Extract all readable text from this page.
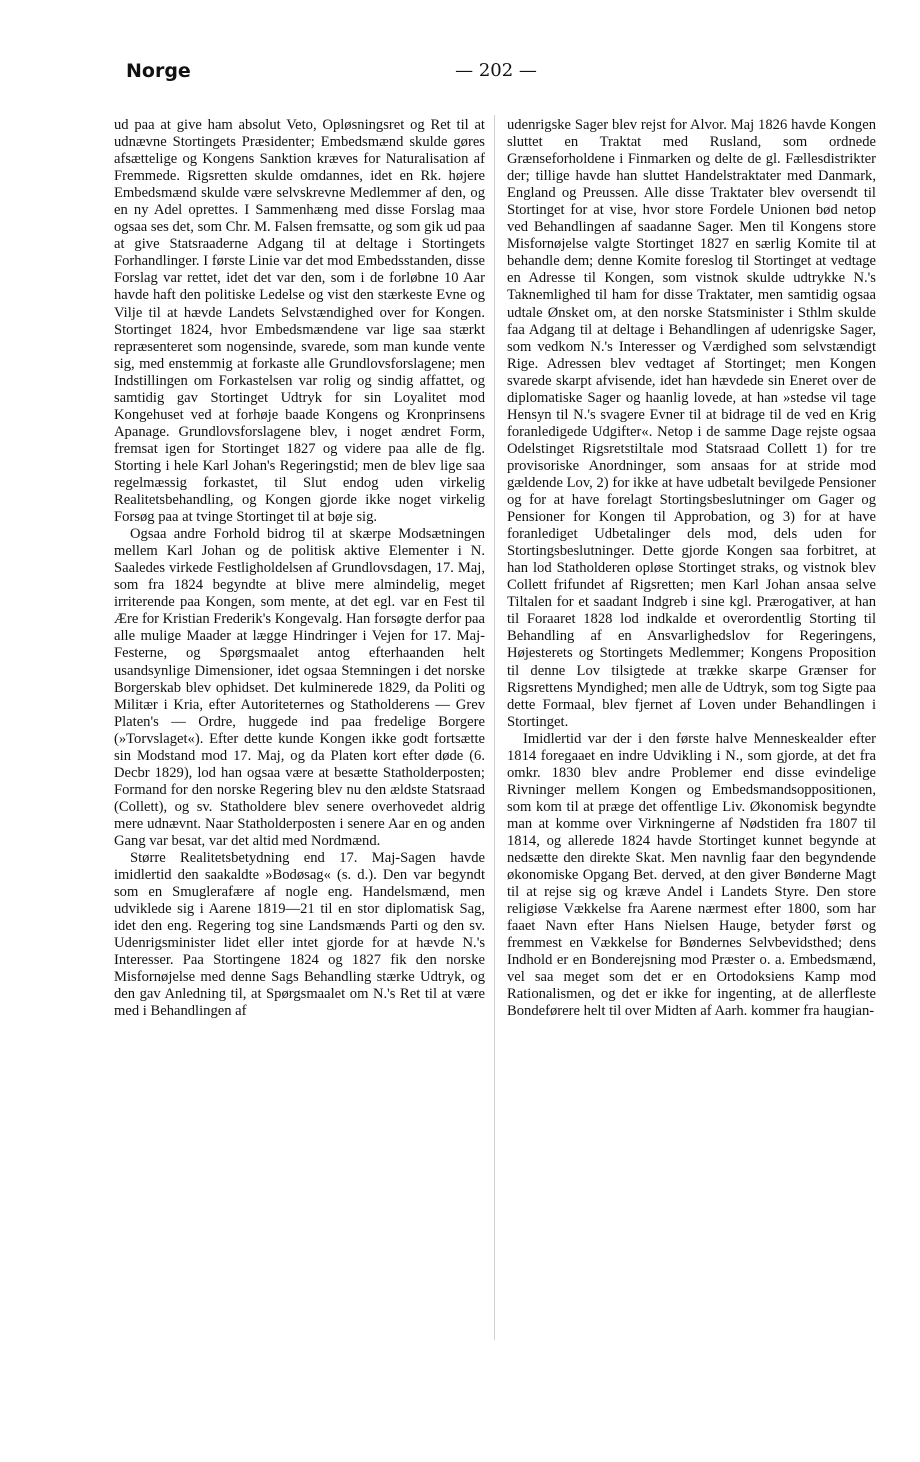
Norge	— 202 —

ud paa at give ham absolut Veto, Opløsningsret og Ret til at udnævne Stortingets Præsidenter; Embedsmænd skulde gøres afsættelige og Kongens Sanktion kræves for Naturalisation af Fremmede. Rigsretten skulde omdannes, idet en Rk. højere Embedsmænd skulde være selvskrevne Medlemmer af den, og en ny Adel oprettes. I Sammenhæng med disse Forslag maa ogsaa ses det, som Chr. M. Falsen fremsatte, og som gik ud paa at give Statsraaderne Adgang til at deltage i Stortingets Forhandlinger. I første Linie var det mod Embedsstanden, disse Forslag var rettet, idet det var den, som i de forløbne 10 Aar havde haft den politiske Ledelse og vist den stærkeste Evne og Vilje til at hævde Landets Selvstændighed over for Kongen. Stortinget 1824, hvor Embedsmændene var lige saa stærkt repræsenteret som nogensinde, svarede, som man kunde vente sig, med enstemmig at forkaste alle Grundlovsforslagene; men Indstillingen om Forkastelsen var rolig og sindig affattet, og samtidig gav Stortinget Udtryk for sin Loyalitet mod Kongehuset ved at forhøje baade Kongens og Kronprinsens Apanage. Grundlovsforslagene blev, i noget ændret Form, fremsat igen for Stortinget 1827 og videre paa alle de flg. Storting i hele Karl Johan's Regeringstid; men de blev lige saa regelmæssig forkastet, til Slut endog uden virkelig Realitetsbehandling, og Kongen gjorde ikke noget virkelig Forsøg paa at tvinge Stortinget til at bøje sig.

Ogsaa andre Forhold bidrog til at skærpe Modsætningen mellem Karl Johan og de politisk aktive Elementer i N. Saaledes virkede Festligholdelsen af Grundlovsdagen, 17. Maj, som fra 1824 begyndte at blive mere almindelig, meget irriterende paa Kongen, som mente, at det egl. var en Fest til Ære for Kristian Frederik's Kongevalg. Han forsøgte derfor paa alle mulige Maader at lægge Hindringer i Vejen for 17. Maj-Festerne, og Spørgsmaalet antog efterhaanden helt usandsynlige Dimensioner, idet ogsaa Stemningen i det norske Borgerskab blev ophidset. Det kulminerede 1829, da Politi og Militær i Kria, efter Autoriteternes og Statholderens — Grev Platen's — Ordre, huggede ind paa fredelige Borgere (»Torvslaget«). Efter dette kunde Kongen ikke godt fortsætte sin Modstand mod 17. Maj, og da Platen kort efter døde (6. Decbr 1829), lod han ogsaa være at besætte Statholderposten; Formand for den norske Regering blev nu den ældste Statsraad (Collett), og sv. Statholdere blev senere overhovedet aldrig mere udnævnt. Naar Statholderposten i senere Aar en og anden Gang var besat, var det altid med Nordmænd.

Større Realitetsbetydning end 17. Maj-Sagen havde imidlertid den saakaldte »Bodøsag« (s. d.). Den var begyndt som en Smuglerafære af nogle eng. Handelsmænd, men udviklede sig i Aarene 1819—21 til en stor diplomatisk Sag, idet den eng. Regering tog sine Landsmænds Parti og den sv. Udenrigsminister lidet eller intet gjorde for at hævde N.'s Interesser. Paa Stortingene 1824 og 1827 fik den norske Misfornøjelse med denne Sags Behandling stærke Udtryk, og den gav Anledning til, at Spørgsmaalet om N.'s Ret til at være med i Behandlingen af

udenrigske Sager blev rejst for Alvor. Maj 1826 havde Kongen sluttet en Traktat med Rusland, som ordnede Grænseforholdene i Finmarken og delte de gl. Fællesdistrikter der; tillige havde han sluttet Handelstraktater med Danmark, England og Preussen. Alle disse Traktater blev oversendt til Stortinget for at vise, hvor store Fordele Unionen bød netop ved Behandlingen af saadanne Sager. Men til Kongens store Misfornøjelse valgte Stortinget 1827 en særlig Komite til at behandle dem; denne Komite foreslog til Stortinget at vedtage en Adresse til Kongen, som vistnok skulde udtrykke N.'s Taknemlighed til ham for disse Traktater, men samtidig ogsaa udtale Ønsket om, at den norske Statsminister i Sthlm skulde faa Adgang til at deltage i Behandlingen af udenrigske Sager, som vedkom N.'s Interesser og Værdighed som selvstændigt Rige. Adressen blev vedtaget af Stortinget; men Kongen svarede skarpt afvisende, idet han hævdede sin Eneret over de diplomatiske Sager og haanlig lovede, at han »stedse vil tage Hensyn til N.'s svagere Evner til at bidrage til de ved en Krig foranledigede Udgifter«. Netop i de samme Dage rejste ogsaa Odelstinget Rigsretstiltale mod Statsraad Collett 1) for tre provisoriske Anordninger, som ansaas for at stride mod gældende Lov, 2) for ikke at have udbetalt bevilgede Pensioner og for at have forelagt Stortingsbeslutninger om Gager og Pensioner for Kongen til Approbation, og 3) for at have foranlediget Udbetalinger dels mod, dels uden for Stortingsbeslutninger. Dette gjorde Kongen saa forbitret, at han lod Statholderen opløse Stortinget straks, og vistnok blev Collett frifundet af Rigsretten; men Karl Johan ansaa selve Tiltalen for et saadant Indgreb i sine kgl. Prærogativer, at han til Foraaret 1828 lod indkalde et overordentlig Storting til Behandling af en Ansvarlighedslov for Regeringens, Højesterets og Stortingets Medlemmer; Kongens Proposition til denne Lov tilsigtede at trække skarpe Grænser for Rigsrettens Myndighed; men alle de Udtryk, som tog Sigte paa dette Formaal, blev fjernet af Loven under Behandlingen i Stortinget.

Imidlertid var der i den første halve Menneskealder efter 1814 foregaaet en indre Udvikling i N., som gjorde, at det fra omkr. 1830 blev andre Problemer end disse evindelige Rivninger mellem Kongen og Embedsmandsoppositionen, som kom til at præge det offentlige Liv. Økonomisk begyndte man at komme over Virkningerne af Nødstiden fra 1807 til 1814, og allerede 1824 havde Stortinget kunnet begynde at nedsætte den direkte Skat. Men navnlig faar den begyndende økonomiske Opgang Bet. derved, at den giver Bønderne Magt til at rejse sig og kræve Andel i Landets Styre. Den store religiøse Vækkelse fra Aarene nærmest efter 1800, som har faaet Navn efter Hans Nielsen Hauge, betyder først og fremmest en Vækkelse for Bøndernes Selvbevidsthed; dens Indhold er en Bonderejsning mod Præster o. a. Embedsmænd, vel saa meget som det er en Ortodoksiens Kamp mod Rationalismen, og det er ikke for ingenting, at de allerfleste Bondeførere helt til over Midten af Aarh. kommer fra haugian-
